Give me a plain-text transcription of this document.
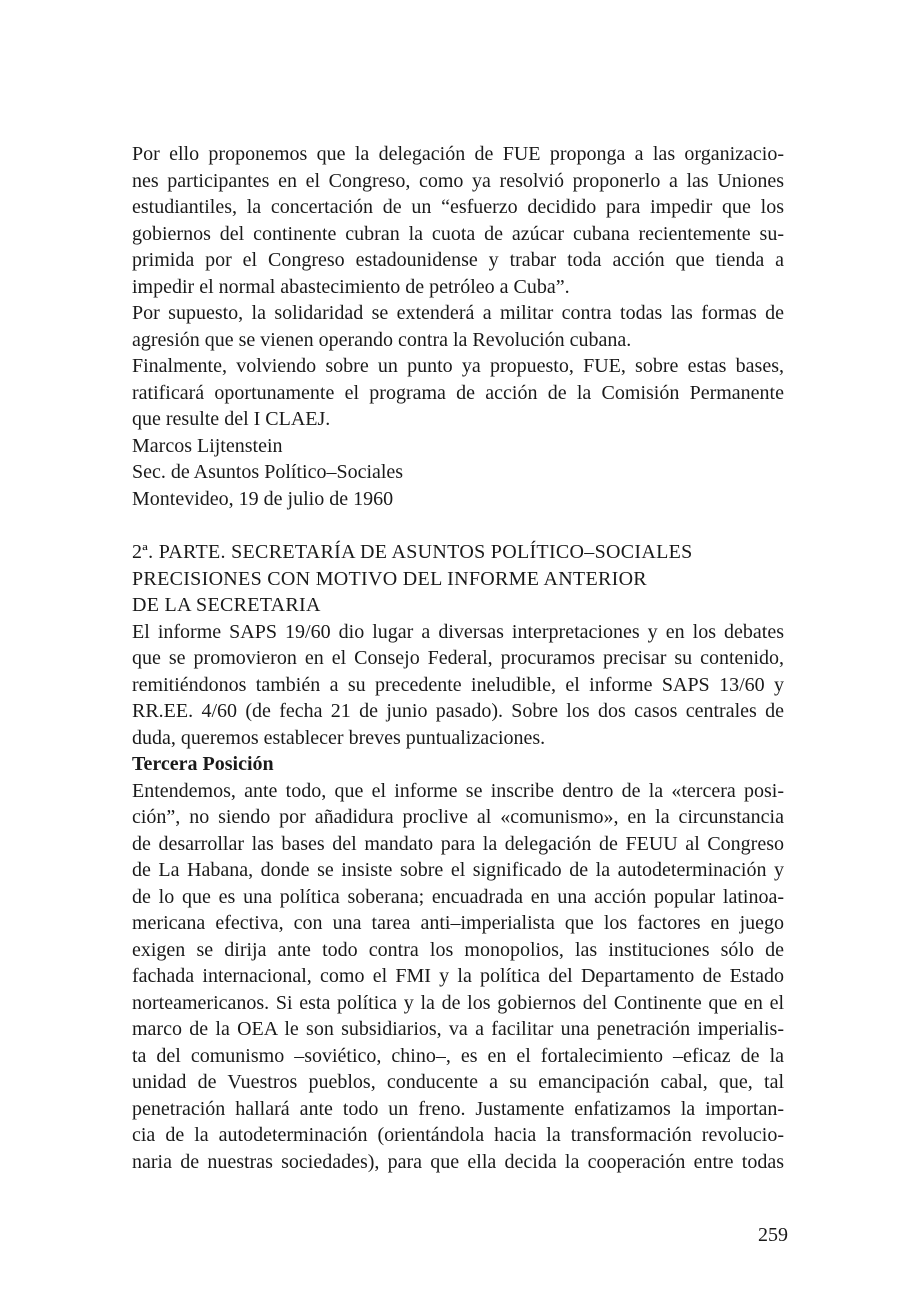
Por ello proponemos que la delegación de FUE proponga a las organizacio-
nes participantes en el Congreso, como ya resolvió proponerlo a las Uniones
estudiantiles, la concertación de un “esfuerzo decidido para impedir que los
gobiernos del continente cubran la cuota de azúcar cubana recientemente su-
primida por el Congreso estadounidense y trabar toda acción que tienda a
impedir el normal abastecimiento de petróleo a Cuba”.
Por supuesto, la solidaridad se extenderá a militar contra todas las formas de
agresión que se vienen operando contra la Revolución cubana.
Finalmente, volviendo sobre un punto ya propuesto, FUE, sobre estas bases,
ratificará oportunamente el programa de acción de la Comisión Permanente
que resulte del I CLAEJ.
Marcos Lijtenstein
Sec. de Asuntos Político–Sociales
Montevideo, 19 de julio de 1960
2ª. PARTE. SECRETARÍA DE ASUNTOS POLÍTICO–SOCIALES
PRECISIONES CON MOTIVO DEL INFORME ANTERIOR
DE LA SECRETARIA
El informe SAPS 19/60 dio lugar a diversas interpretaciones y en los debates
que se promovieron en el Consejo Federal, procuramos precisar su contenido,
remitiéndonos también a su precedente ineludible, el informe SAPS 13/60 y
RR.EE. 4/60 (de fecha 21 de junio pasado). Sobre los dos casos centrales de
duda, queremos establecer breves puntualizaciones.
Tercera Posición
Entendemos, ante todo, que el informe se inscribe dentro de la «tercera posi-
ción”, no siendo por añadidura proclive al «comunismo», en la circunstancia
de desarrollar las bases del mandato para la delegación de FEUU al Congreso
de La Habana, donde se insiste sobre el significado de la autodeterminación y
de lo que es una política soberana; encuadrada en una acción popular latinoa-
mericana efectiva, con una tarea anti–imperialista que los factores en juego
exigen se dirija ante todo contra los monopolios, las instituciones sólo de
fachada internacional, como el FMI y la política del Departamento de Estado
norteamericanos. Si esta política y la de los gobiernos del Continente que en el
marco de la OEA le son subsidiarios, va a facilitar una penetración imperialis-
ta del comunismo –soviético, chino–, es en el fortalecimiento –eficaz de la
unidad de Vuestros pueblos, conducente a su emancipación cabal, que, tal
penetración hallará ante todo un freno. Justamente enfatizamos la importan-
cia de la autodeterminación (orientándola hacia la transformación revolucio-
naria de nuestras sociedades), para que ella decida la cooperación entre todas
259
